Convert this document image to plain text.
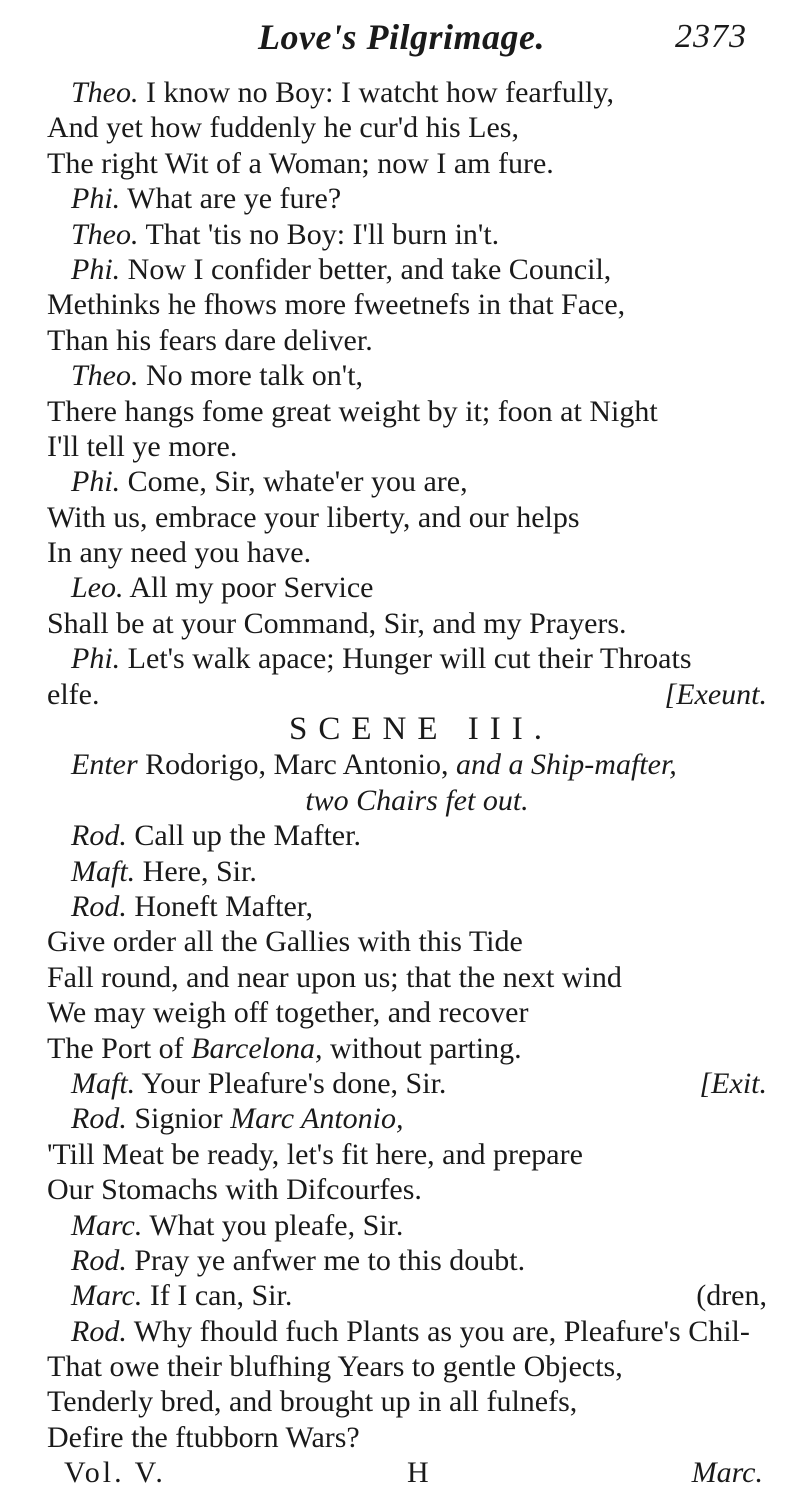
Love's Pilgrimage.	2373
Theo. I know no Boy: I watcht how fearfully,
And yet how fuddenly he cur'd his Les,
The right Wit of a Woman; now I am fure.
Phi. What are ye fure?
Theo. That 'tis no Boy: I'll burn in't.
Phi. Now I confider better, and take Council,
Methinks he fhows more fweetnefs in that Face,
Than his fears dare deliver.
Theo. No more talk on't,
There hangs fome great weight by it; foon at Night
I'll tell ye more.
Phi. Come, Sir, whate'er you are,
With us, embrace your liberty, and our helps
In any need you have.
Leo. All my poor Service
Shall be at your Command, Sir, and my Prayers.
Phi. Let's walk apace; Hunger will cut their Throats
elfe.	[Exeunt.
SCENE III.
Enter Rodorigo, Marc Antonio, and a Ship-mafter,
two Chairs fet out.
Rod. Call up the Mafter.
Maft. Here, Sir.
Rod. Honeft Mafter,
Give order all the Gallies with this Tide
Fall round, and near upon us; that the next wind
We may weigh off together, and recover
The Port of Barcelona, without parting.
Maft. Your Pleafure's done, Sir.	[Exit.
Rod. Signior Marc Antonio,
'Till Meat be ready, let's fit here, and prepare
Our Stomachs with Difcourfes.
Marc. What you pleafe, Sir.
Rod. Pray ye anfwer me to this doubt.
Marc. If I can, Sir.	(dren,
Rod. Why fhould fuch Plants as you are, Pleafure's Chil-
That owe their blufhing Years to gentle Objects,
Tenderly bred, and brought up in all fulnefs,
Defire the ftubborn Wars?
Vol. V.	H	Marc.
